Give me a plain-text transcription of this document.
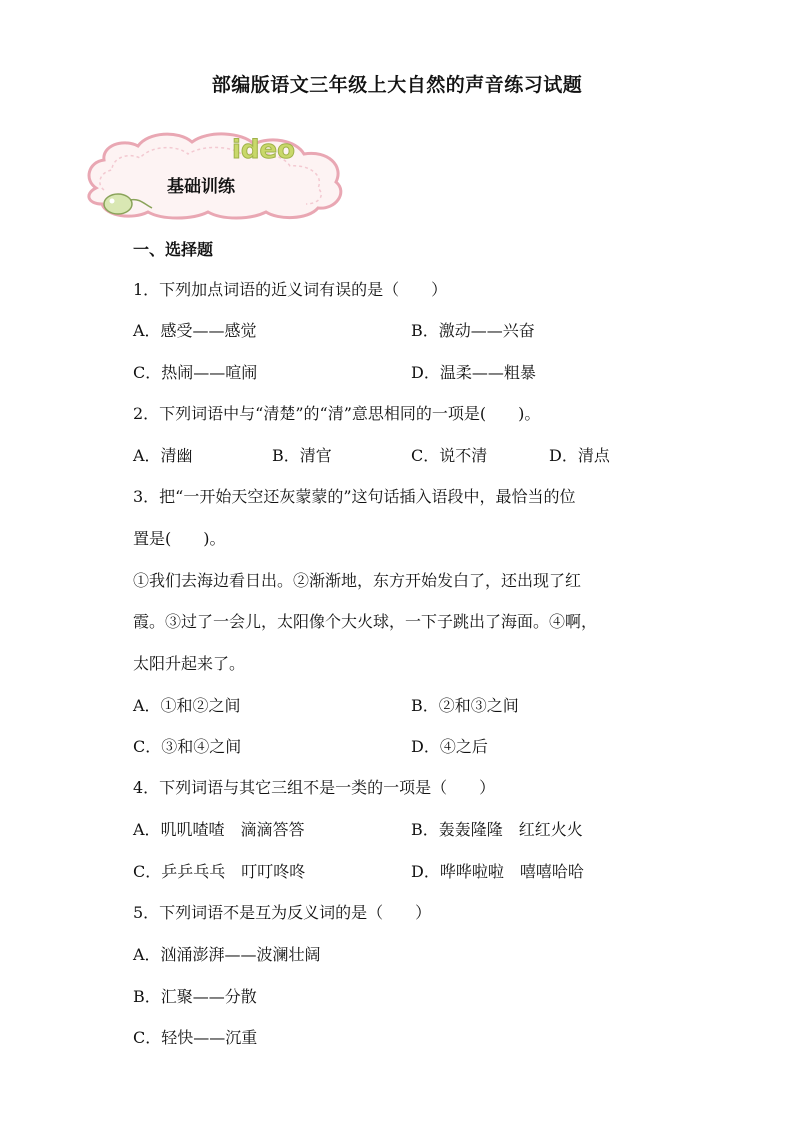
部编版语文三年级上大自然的声音练习试题
ideo
基础训练
一、选择题
1．下列加点词语的近义词有误的是（　　）
A．感受——感觉	B．激动——兴奋
C．热闹——喧闹	D．温柔——粗暴
2．下列词语中与“清楚”的“清”意思相同的一项是(　　)。
A．清幽	B．清官	C．说不清	D．清点
3．把“一开始天空还灰蒙蒙的”这句话插入语段中，最恰当的位
置是(　　)。
①我们去海边看日出。②渐渐地，东方开始发白了，还出现了红
霞。③过了一会儿，太阳像个大火球，一下子跳出了海面。④啊，
太阳升起来了。
A．①和②之间	B．②和③之间
C．③和④之间	D．④之后
4．下列词语与其它三组不是一类的一项是（　　）
A．叽叽喳喳　滴滴答答	B．轰轰隆隆　红红火火
C．乒乒乓乓　叮叮咚咚	D．哗哗啦啦　嘻嘻哈哈
5．下列词语不是互为反义词的是（　　）
A．汹涌澎湃——波澜壮阔
B．汇聚——分散
C．轻快——沉重
